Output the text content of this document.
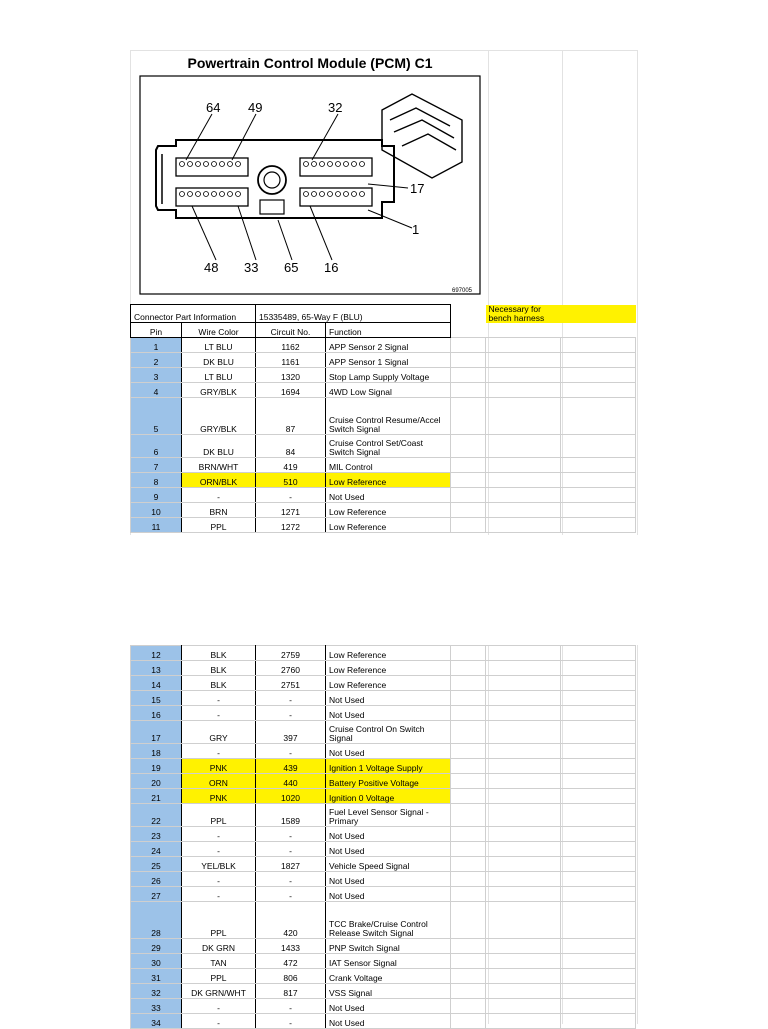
Powertrain Control Module (PCM) C1
64 49	32
17
1
48 33 65 16
697005
Connector Part Information		15335489, 65-Way F (BLU)			Necessary for bench harness	
Pin	Wire Color	Circuit No.	Function			
1	LT BLU	1162	APP Sensor 2 Signal			
2	DK BLU	1161	APP Sensor 1 Signal			
3	LT BLU	1320	Stop Lamp Supply Voltage			
4	GRY/BLK	1694	4WD Low Signal			
5	GRY/BLK	87	Cruise Control Resume/Accel Switch Signal			
6	DK BLU	84	Cruise Control Set/Coast Switch Signal			
7	BRN/WHT	419	MIL Control			
8	ORN/BLK	510	Low Reference			
9	-	-	Not Used			
10	BRN	1271	Low Reference			
11	PPL	1272	Low Reference			
12	BLK	2759	Low Reference			
13	BLK	2760	Low Reference			
14	BLK	2751	Low Reference			
15	-	-	Not Used			
16	-	-	Not Used			
17	GRY	397	Cruise Control On Switch Signal			
18	-	-	Not Used			
19	PNK	439	Ignition 1 Voltage Supply			
20	ORN	440	Battery Positive Voltage			
21	PNK	1020	Ignition 0 Voltage			
22	PPL	1589	Fuel Level Sensor Signal - Primary			
23	-	-	Not Used			
24	-	-	Not Used			
25	YEL/BLK	1827	Vehicle Speed Signal			
26	-	-	Not Used			
27	-	-	Not Used			
28	PPL	420	TCC Brake/Cruise Control Release Switch Signal			
29	DK GRN	1433	PNP Switch Signal			
30	TAN	472	IAT Sensor Signal			
31	PPL	806	Crank Voltage			
32	DK GRN/WHT	817	VSS Signal			
33	-	-	Not Used			
34	-	-	Not Used			
